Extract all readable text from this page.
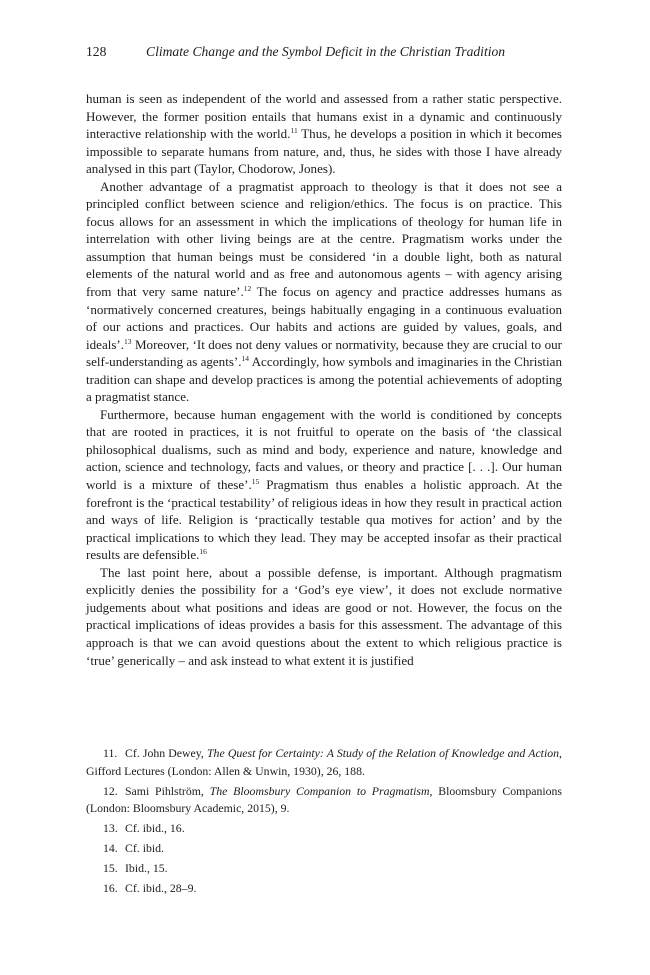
128	Climate Change and the Symbol Deficit in the Christian Tradition

human is seen as independent of the world and assessed from a rather static perspective. However, the former position entails that humans exist in a dynamic and continuously interactive relationship with the world.$^{11}$ Thus, he develops a position in which it becomes impossible to separate humans from nature, and, thus, he sides with those I have already analysed in this part (Taylor, Chodorow, Jones).

Another advantage of a pragmatist approach to theology is that it does not see a principled conflict between science and religion/ethics. The focus is on practice. This focus allows for an assessment in which the implications of theology for human life in interrelation with other living beings are at the centre. Pragmatism works under the assumption that human beings must be considered ‘in a double light, both as natural elements of the natural world and as free and autonomous agents – with agency arising from that very same nature’.$^{12}$ The focus on agency and practice addresses humans as ‘normatively concerned creatures, beings habitually engaging in a continuous evaluation of our actions and practices. Our habits and actions are guided by values, goals, and ideals’.$^{13}$ Moreover, ‘It does not deny values or normativity, because they are crucial to our self-understanding as agents’.$^{14}$ Accordingly, how symbols and imaginaries in the Christian tradition can shape and develop practices is among the potential achievements of adopting a pragmatist stance.

Furthermore, because human engagement with the world is conditioned by concepts that are rooted in practices, it is not fruitful to operate on the basis of ‘the classical philosophical dualisms, such as mind and body, experience and nature, knowledge and action, science and technology, facts and values, or theory and practice [. . .]. Our human world is a mixture of these’.$^{15}$ Pragmatism thus enables a holistic approach. At the forefront is the ‘practical testability’ of religious ideas in how they result in practical action and ways of life. Religion is ‘practically testable qua motives for action’ and by the practical implications to which they lead. They may be accepted insofar as their practical results are defensible.$^{16}$

The last point here, about a possible defense, is important. Although pragmatism explicitly denies the possibility for a ‘God’s eye view’, it does not exclude normative judgements about what positions and ideas are good or not. However, the focus on the practical implications of ideas provides a basis for this assessment. The advantage of this approach is that we can avoid questions about the extent to which religious practice is ‘true’ generically – and ask instead to what extent it is justified

11. Cf. John Dewey, The Quest for Certainty: A Study of the Relation of Knowledge and Action, Gifford Lectures (London: Allen & Unwin, 1930), 26, 188.

12. Sami Pihlström, The Bloomsbury Companion to Pragmatism, Bloomsbury Companions (London: Bloomsbury Academic, 2015), 9.

13. Cf. ibid., 16.

14. Cf. ibid.

15. Ibid., 15.

16. Cf. ibid., 28–9.
